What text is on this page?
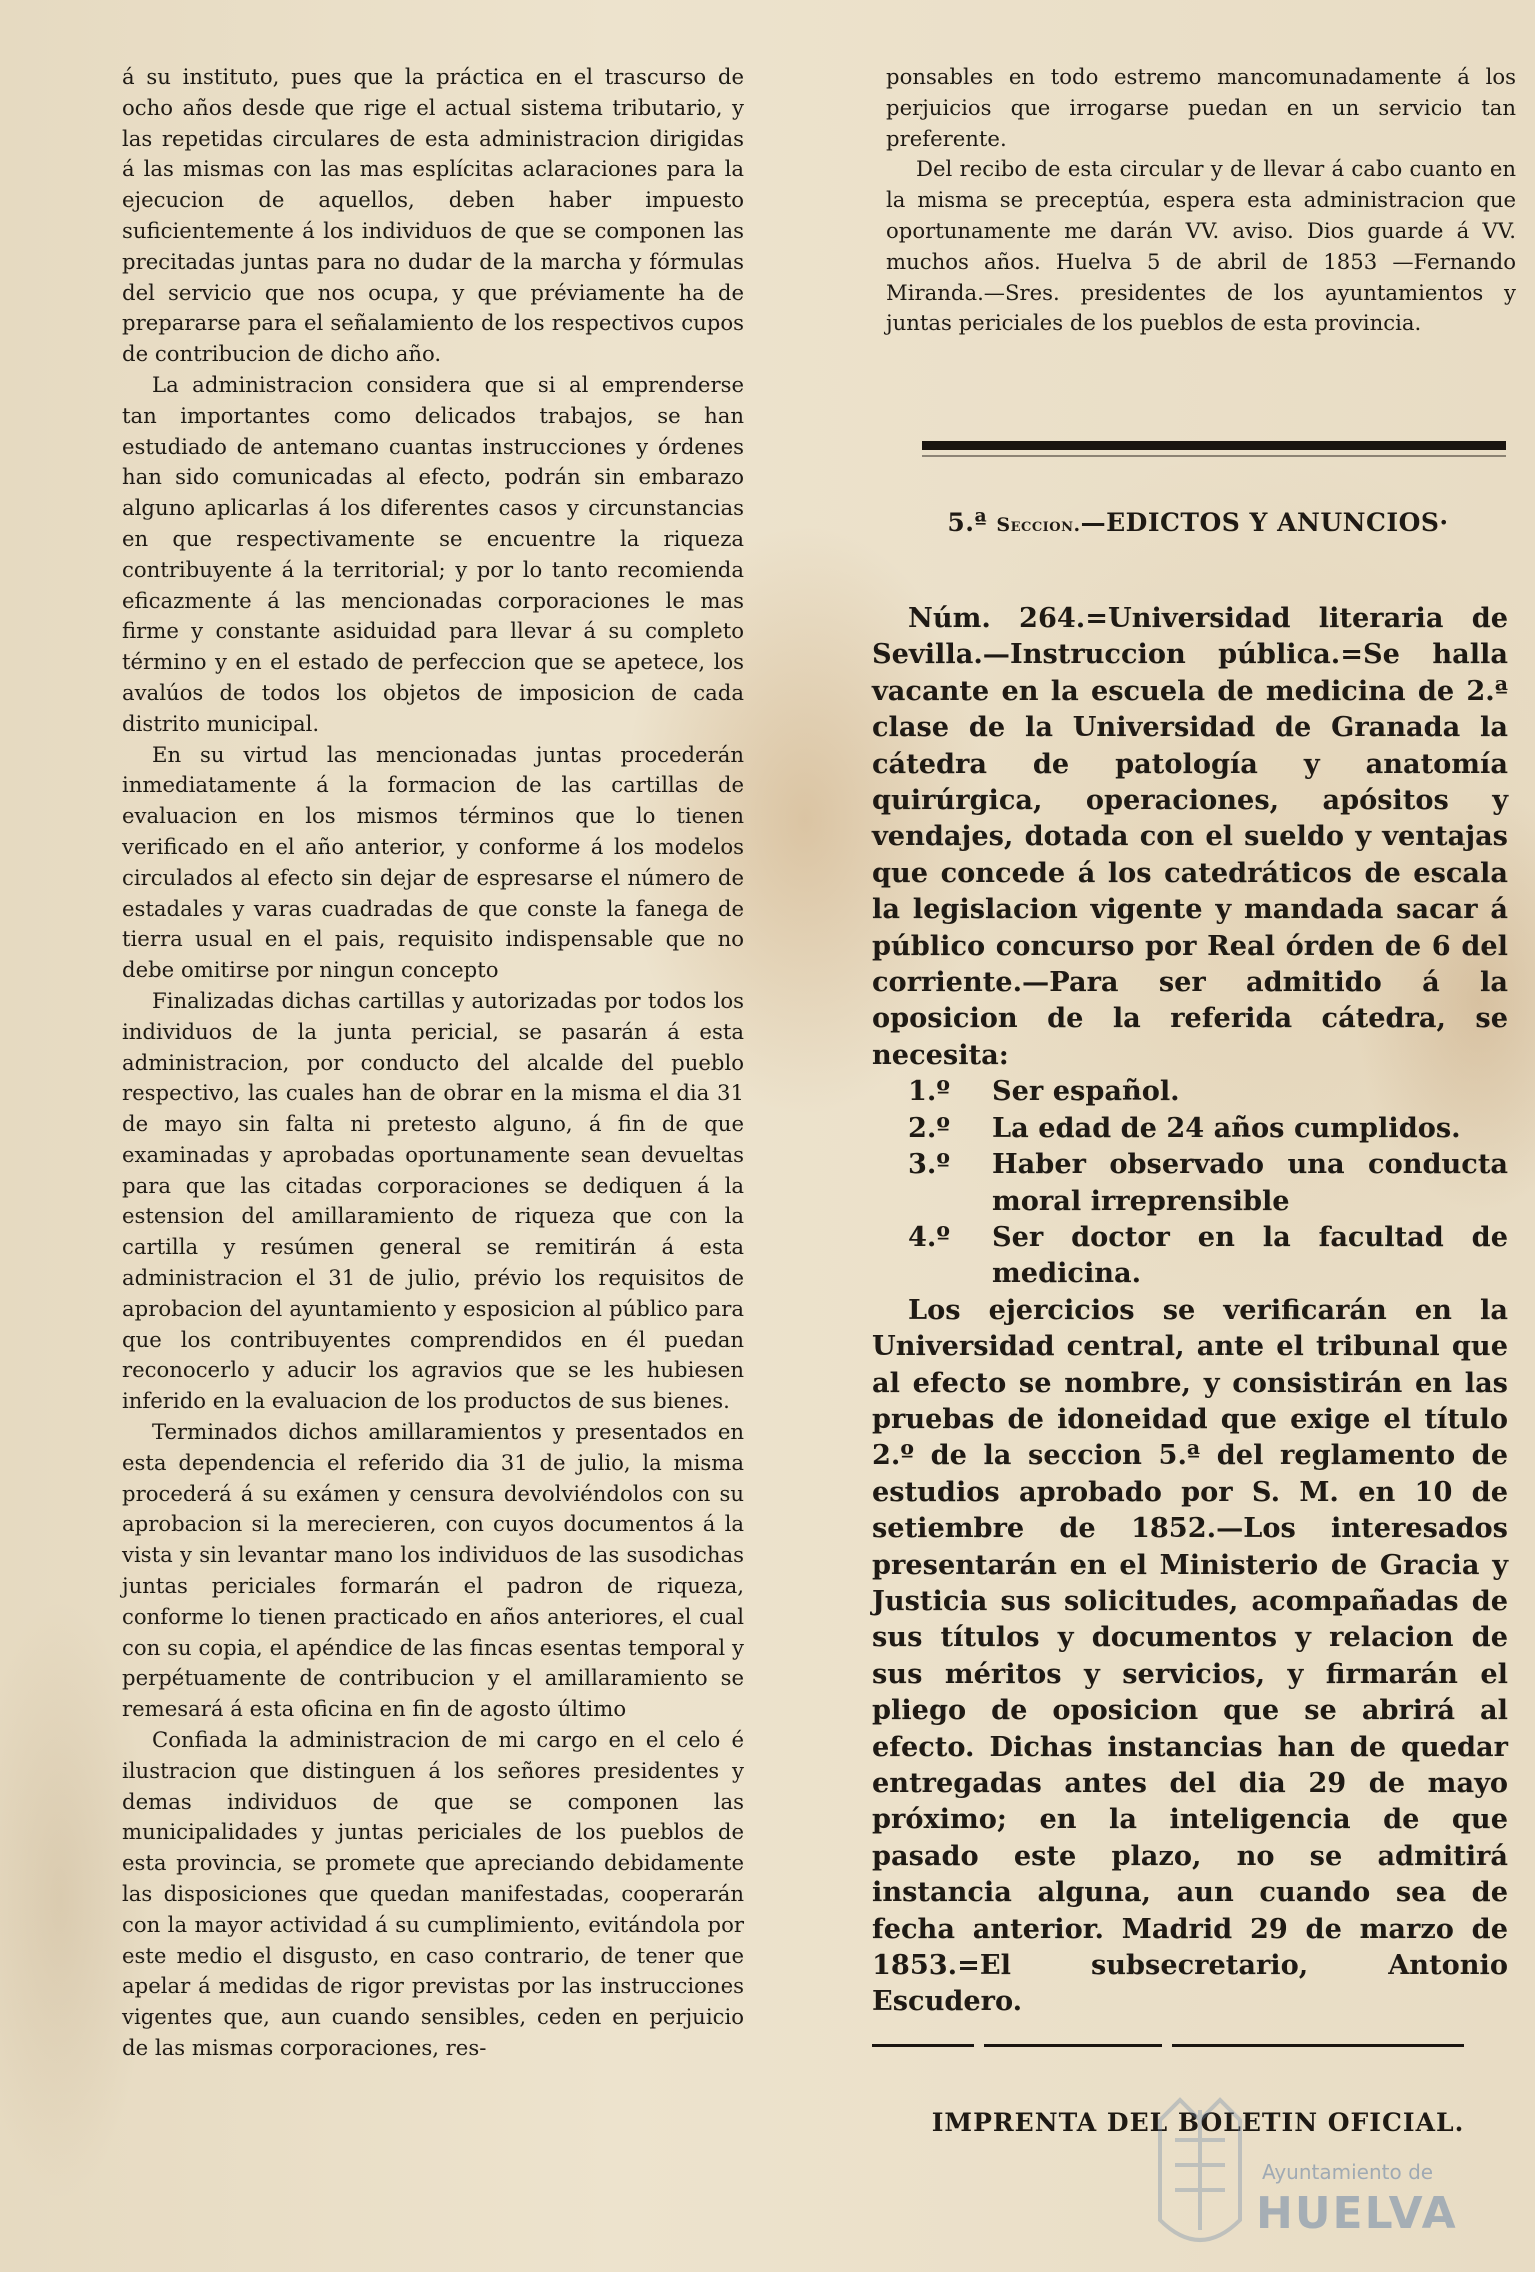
á su instituto, pues que la práctica en el trascurso de ocho años desde que rige el actual sistema tributario, y las repetidas circulares de esta administracion dirigidas á las mismas con las mas esplícitas aclaraciones para la ejecucion de aquellos, deben haber impuesto suficientemente á los individuos de que se componen las precitadas juntas para no dudar de la marcha y fórmulas del servicio que nos ocupa, y que préviamente ha de prepararse para el señalamiento de los respectivos cupos de contribucion de dicho año.

La administracion considera que si al emprenderse tan importantes como delicados trabajos, se han estudiado de antemano cuantas instrucciones y órdenes han sido comunicadas al efecto, podrán sin embarazo alguno aplicarlas á los diferentes casos y circunstancias en que respectivamente se encuentre la riqueza contribuyente á la territorial; y por lo tanto recomienda eficazmente á las mencionadas corporaciones le mas firme y constante asiduidad para llevar á su completo término y en el estado de perfeccion que se apetece, los avalúos de todos los objetos de imposicion de cada distrito municipal.

En su virtud las mencionadas juntas procederán inmediatamente á la formacion de las cartillas de evaluacion en los mismos términos que lo tienen verificado en el año anterior, y conforme á los modelos circulados al efecto sin dejar de espresarse el número de estadales y varas cuadradas de que conste la fanega de tierra usual en el pais, requisito indispensable que no debe omitirse por ningun concepto

Finalizadas dichas cartillas y autorizadas por todos los individuos de la junta pericial, se pasarán á esta administracion, por conducto del alcalde del pueblo respectivo, las cuales han de obrar en la misma el dia 31 de mayo sin falta ni pretesto alguno, á fin de que examinadas y aprobadas oportunamente sean devueltas para que las citadas corporaciones se dediquen á la estension del amillaramiento de riqueza que con la cartilla y resúmen general se remitirán á esta administracion el 31 de julio, prévio los requisitos de aprobacion del ayuntamiento y esposicion al público para que los contribuyentes comprendidos en él puedan reconocerlo y aducir los agravios que se les hubiesen inferido en la evaluacion de los productos de sus bienes.

Terminados dichos amillaramientos y presentados en esta dependencia el referido dia 31 de julio, la misma procederá á su exámen y censura devolviéndolos con su aprobacion si la merecieren, con cuyos documentos á la vista y sin levantar mano los individuos de las susodichas juntas periciales formarán el padron de riqueza, conforme lo tienen practicado en años anteriores, el cual con su copia, el apéndice de las fincas esentas temporal y perpétuamente de contribucion y el amillaramiento se remesará á esta oficina en fin de agosto último

Confiada la administracion de mi cargo en el celo é ilustracion que distinguen á los señores presidentes y demas individuos de que se componen las municipalidades y juntas periciales de los pueblos de esta provincia, se promete que apreciando debidamente las disposiciones que quedan manifestadas, cooperarán con la mayor actividad á su cumplimiento, evitándola por este medio el disgusto, en caso contrario, de tener que apelar á medidas de rigor previstas por las instrucciones vigentes que, aun cuando sensibles, ceden en perjuicio de las mismas corporaciones, res-

ponsables en todo estremo mancomunadamente á los perjuicios que irrogarse puedan en un servicio tan preferente.

Del recibo de esta circular y de llevar á cabo cuanto en la misma se preceptúa, espera esta administracion que oportunamente me darán VV. aviso. Dios guarde á VV. muchos años. Huelva 5 de abril de 1853 —Fernando Miranda.—Sres. presidentes de los ayuntamientos y juntas periciales de los pueblos de esta provincia.

5.ª Seccion.—EDICTOS Y ANUNCIOS·

Núm. 264.=Universidad literaria de Sevilla.—Instruccion pública.=Se halla vacante en la escuela de medicina de 2.ª clase de la Universidad de Granada la cátedra de patología y anatomía quirúrgica, operaciones, apósitos y vendajes, dotada con el sueldo y ventajas que concede á los catedráticos de escala la legislacion vigente y mandada sacar á público concurso por Real órden de 6 del corriente.—Para ser admitido á la oposicion de la referida cátedra, se necesita:

1.º	Ser español.
2.º	La edad de 24 años cumplidos.
3.º	Haber observado una conducta moral irreprensible
4.º	Ser doctor en la facultad de medicina.

Los ejercicios se verificarán en la Universidad central, ante el tribunal que al efecto se nombre, y consistirán en las pruebas de idoneidad que exige el título 2.º de la seccion 5.ª del reglamento de estudios aprobado por S. M. en 10 de setiembre de 1852.—Los interesados presentarán en el Ministerio de Gracia y Justicia sus solicitudes, acompañadas de sus títulos y documentos y relacion de sus méritos y servicios, y firmarán el pliego de oposicion que se abrirá al efecto. Dichas instancias han de quedar entregadas antes del dia 29 de mayo próximo; en la inteligencia de que pasado este plazo, no se admitirá instancia alguna, aun cuando sea de fecha anterior. Madrid 29 de marzo de 1853.=El subsecretario, Antonio Escudero.

IMPRENTA DEL BOLETIN OFICIAL.
Ayuntamiento de
HUELVA
